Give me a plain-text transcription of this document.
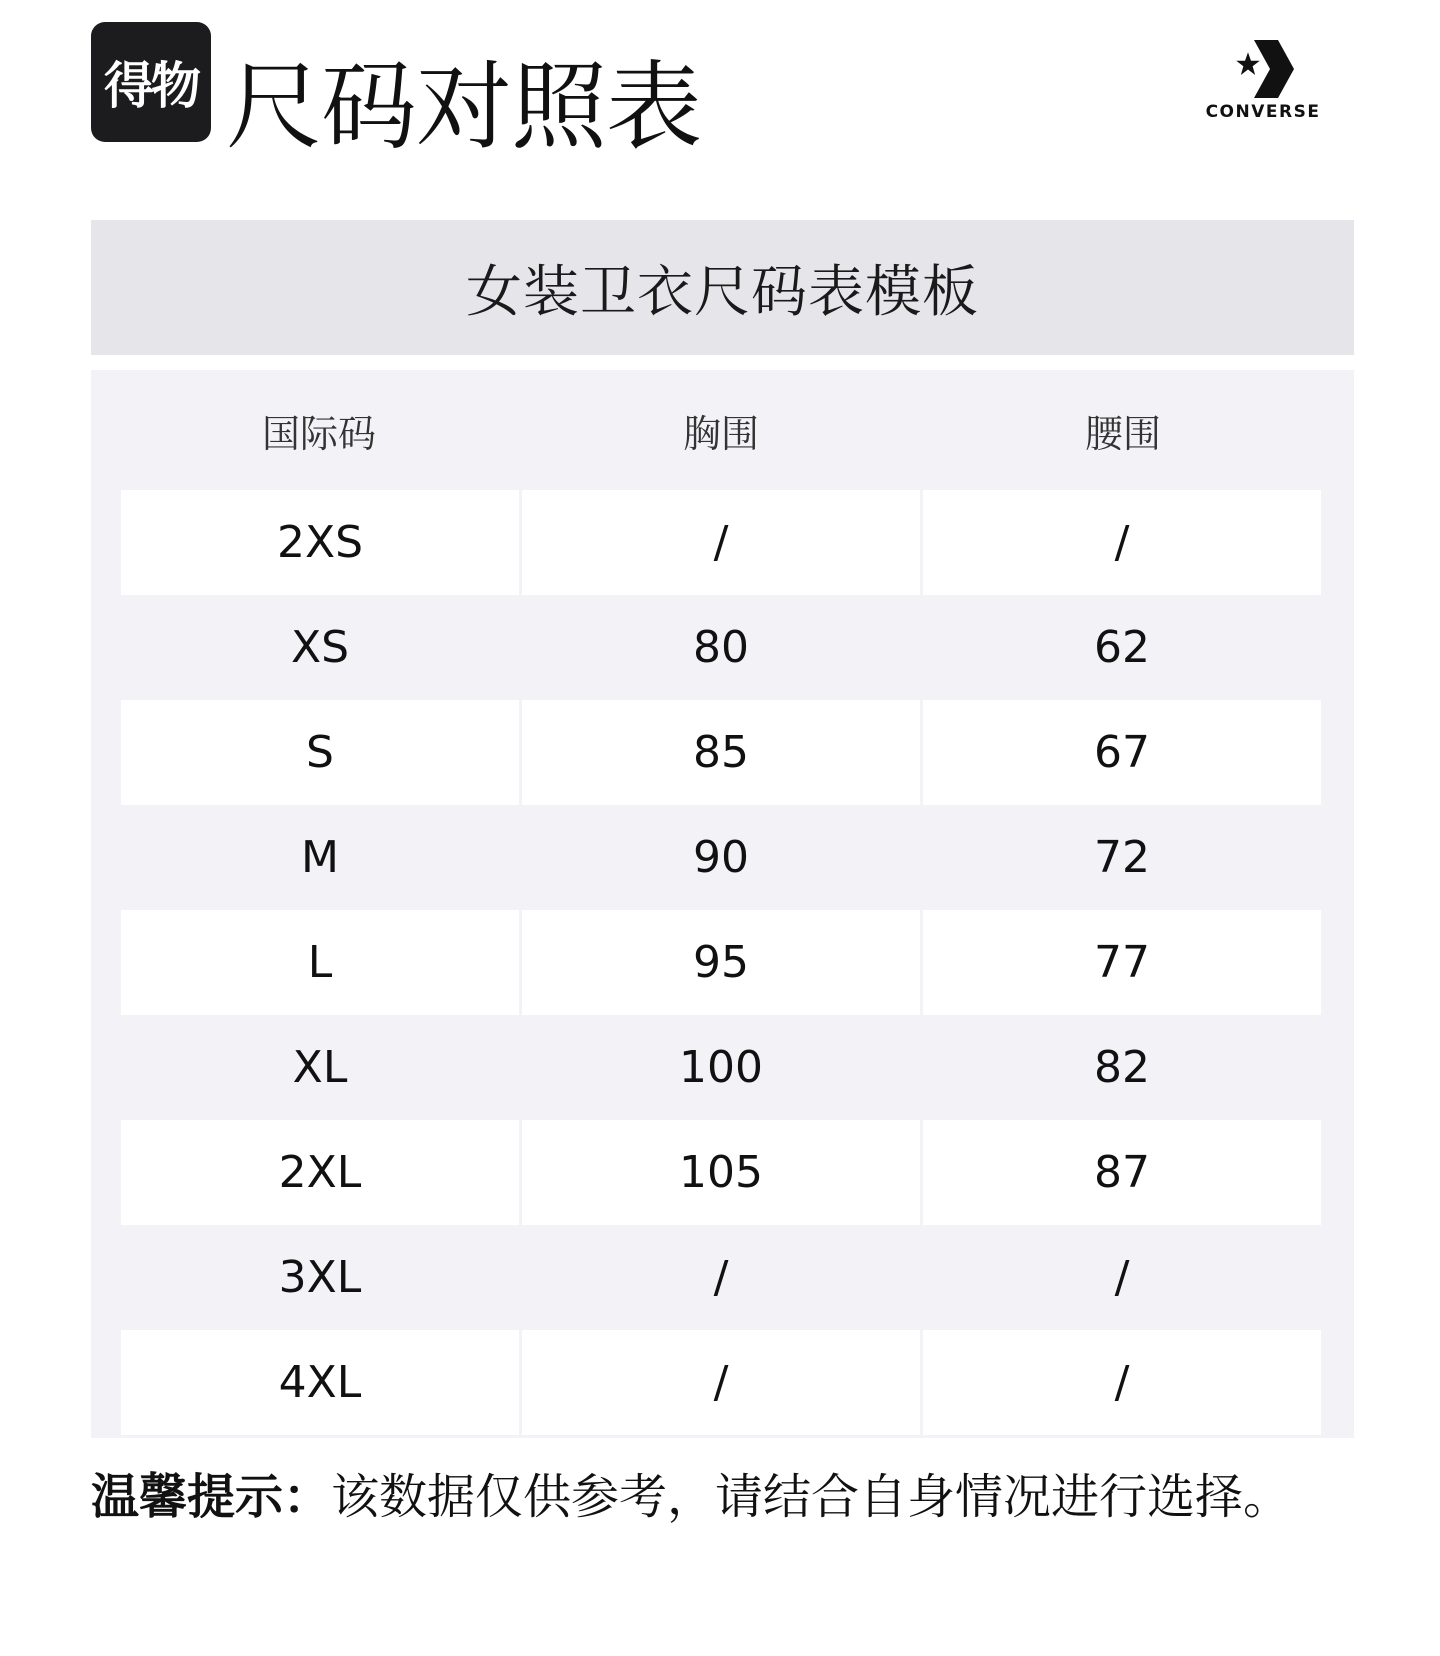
得物 尺码对照表	CONVERSE
女装卫衣尺码表模板
国际码	胸围	腰围
2XS	/	/
XS	80	62
S	85	67
M	90	72
L	95	77
XL	100	82
2XL	105	87
3XL	/	/
4XL	/	/
温馨提示：该数据仅供参考，请结合自身情况进行选择。
